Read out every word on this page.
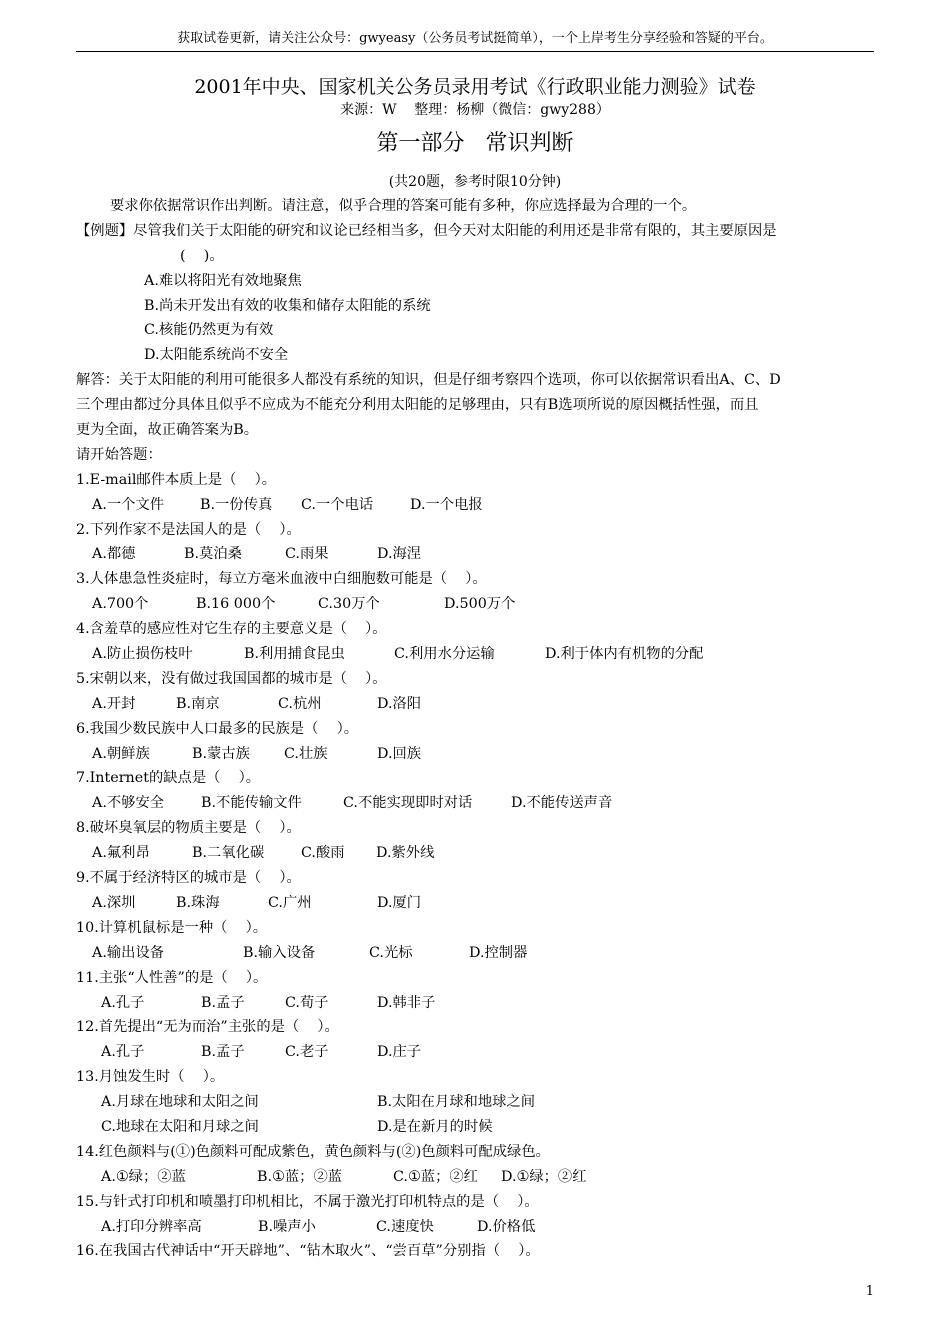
获取试卷更新，请关注公众号：gwyeasy（公务员考试挺简单），一个上岸考生分享经验和答疑的平台。
2001年中央、国家机关公务员录用考试《行政职业能力测验》试卷
来源：W    整理：杨柳（微信：gwy288）
第一部分   常识判断
(共20题，参考时限10分钟)
要求你依据常识作出判断。请注意，似乎合理的答案可能有多种，你应选择最为合理的一个。
【例题】尽管我们关于太阳能的研究和议论已经相当多，但今天对太阳能的利用还是非常有限的，其主要原因是
(    )。
A.难以将阳光有效地聚焦
B.尚未开发出有效的收集和储存太阳能的系统
C.核能仍然更为有效
D.太阳能系统尚不安全
解答：关于太阳能的利用可能很多人都没有系统的知识，但是仔细考察四个选项，你可以依据常识看出A、C、D
三个理由都过分具体且似乎不应成为不能充分利用太阳能的足够理由，只有B选项所说的原因概括性强，而且
更为全面，故正确答案为B。
请开始答题：
1.E-mail邮件本质上是（    ）。
A.一个文件	B.一份传真	C.一个电话	D.一个电报
2.下列作家不是法国人的是（    ）。
A.都德	B.莫泊桑	C.雨果	D.海涅
3.人体患急性炎症时，每立方毫米血液中白细胞数可能是（    ）。
A.700个	B.16 000个	C.30万个	D.500万个
4.含羞草的感应性对它生存的主要意义是（    ）。
A.防止损伤枝叶	B.利用捕食昆虫	C.利用水分运输	D.利于体内有机物的分配
5.宋朝以来，没有做过我国国都的城市是（    ）。
A.开封	B.南京	C.杭州	D.洛阳
6.我国少数民族中人口最多的民族是（    ）。
A.朝鲜族	B.蒙古族	C.壮族	D.回族
7.Internet的缺点是（    ）。
A.不够安全	B.不能传输文件	C.不能实现即时对话	D.不能传送声音
8.破坏臭氧层的物质主要是（    ）。
A.氟利昂	B.二氧化碳	C.酸雨	D.紫外线
9.不属于经济特区的城市是（    ）。
A.深圳	B.珠海	C.广州	D.厦门
10.计算机鼠标是一种（    ）。
A.输出设备	B.输入设备	C.光标	D.控制器
11.主张“人性善”的是（    ）。
A.孔子	B.孟子	C.荀子	D.韩非子
12.首先提出“无为而治”主张的是（    ）。
A.孔子	B.孟子	C.老子	D.庄子
13.月蚀发生时（    ）。
A.月球在地球和太阳之间	B.太阳在月球和地球之间
C.地球在太阳和月球之间	D.是在新月的时候
14.红色颜料与(①)色颜料可配成紫色，黄色颜料与(②)色颜料可配成绿色。
A.①绿；②蓝	B.①蓝；②蓝	C.①蓝；②红	D.①绿；②红
15.与针式打印机和喷墨打印机相比，不属于激光打印机特点的是（    ）。
A.打印分辨率高	B.噪声小	C.速度快	D.价格低
16.在我国古代神话中“开天辟地”、“钻木取火”、“尝百草”分别指（    ）。
1
